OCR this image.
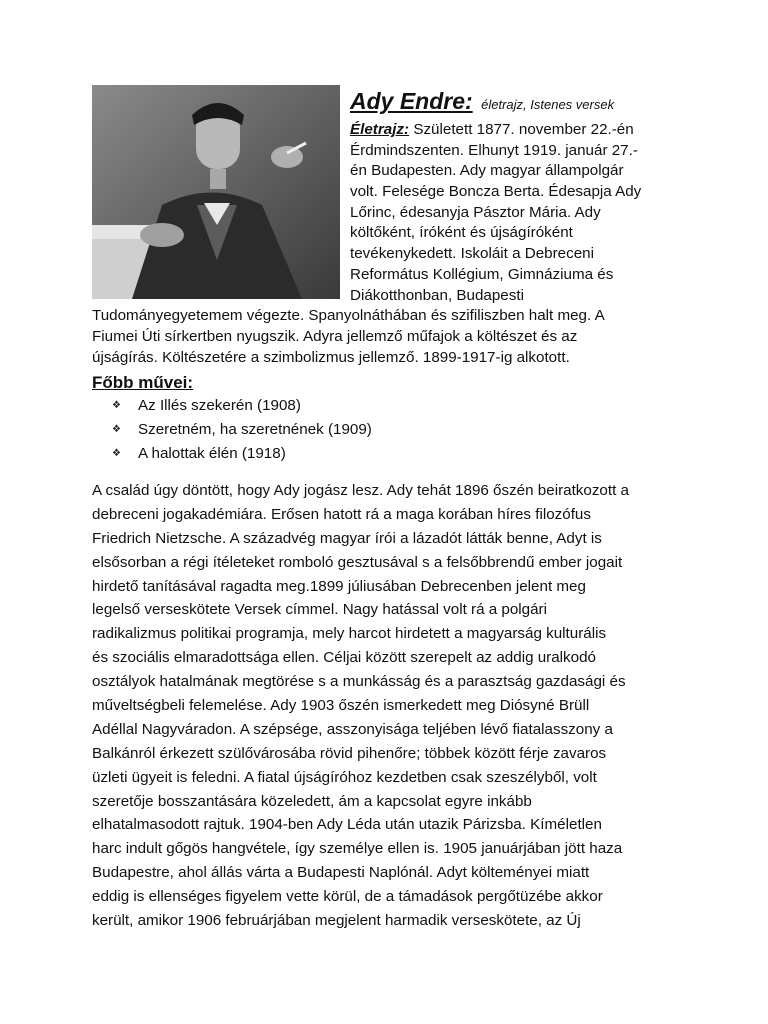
Ady Endre: életrajz, Istenes versek
Életrajz: Született 1877. november 22.-én
Érdmindszenten. Elhunyt 1919. január 27.-
én Budapesten. Ady magyar állampolgár
volt. Felesége Boncza Berta. Édesapja Ady
Lőrinc, édesanyja Pásztor Mária. Ady
költőként, íróként és újságíróként
tevékenykedett. Iskoláit a Debreceni
Református Kollégium, Gimnáziuma és
Diákotthonban, Budapesti
Tudományegyetemem végezte. Spanyolnáthában és szifiliszben halt meg. A
Fiumei Úti sírkertben nyugszik. Adyra jellemző műfajok a költészet és az
újságírás. Költészetére a szimbolizmus jellemző. 1899-1917-ig alkotott.
Főbb művei:
❖ Az Illés szekerén (1908)
❖ Szeretném, ha szeretnének (1909)
❖ A halottak élén (1918)
A család úgy döntött, hogy Ady jogász lesz. Ady tehát 1896 őszén beiratkozott a
debreceni jogakadémiára. Erősen hatott rá a maga korában híres filozófus
Friedrich Nietzsche. A századvég magyar írói a lázadót látták benne, Adyt is
elsősorban a régi ítéleteket romboló gesztusával s a felsőbbrendű ember jogait
hirdető tanításával ragadta meg.1899 júliusában Debrecenben jelent meg
legelső verseskötete Versek címmel. Nagy hatással volt rá a polgári
radikalizmus politikai programja, mely harcot hirdetett a magyarság kulturális
és szociális elmaradottsága ellen. Céljai között szerepelt az addig uralkodó
osztályok hatalmának megtörése s a munkásság és a parasztság gazdasági és
műveltségbeli felemelése. Ady 1903 őszén ismerkedett meg Diósyné Brüll
Adéllal Nagyváradon. A szépsége, asszonyisága teljében lévő fiatalasszony a
Balkánról érkezett szülővárosába rövid pihenőre; többek között férje zavaros
üzleti ügyeit is feledni. A fiatal újságíróhoz kezdetben csak szeszélyből, volt
szeretője bosszantására közeledett, ám a kapcsolat egyre inkább
elhatalmasodott rajtuk. 1904-ben Ady Léda után utazik Párizsba. Kíméletlen
harc indult gőgös hangvétele, így személye ellen is. 1905 januárjában jött haza
Budapestre, ahol állás várta a Budapesti Naplónál. Adyt költeményei miatt
eddig is ellenséges figyelem vette körül, de a támadások pergőtüzébe akkor
került, amikor 1906 februárjában megjelent harmadik verseskötete, az Új
